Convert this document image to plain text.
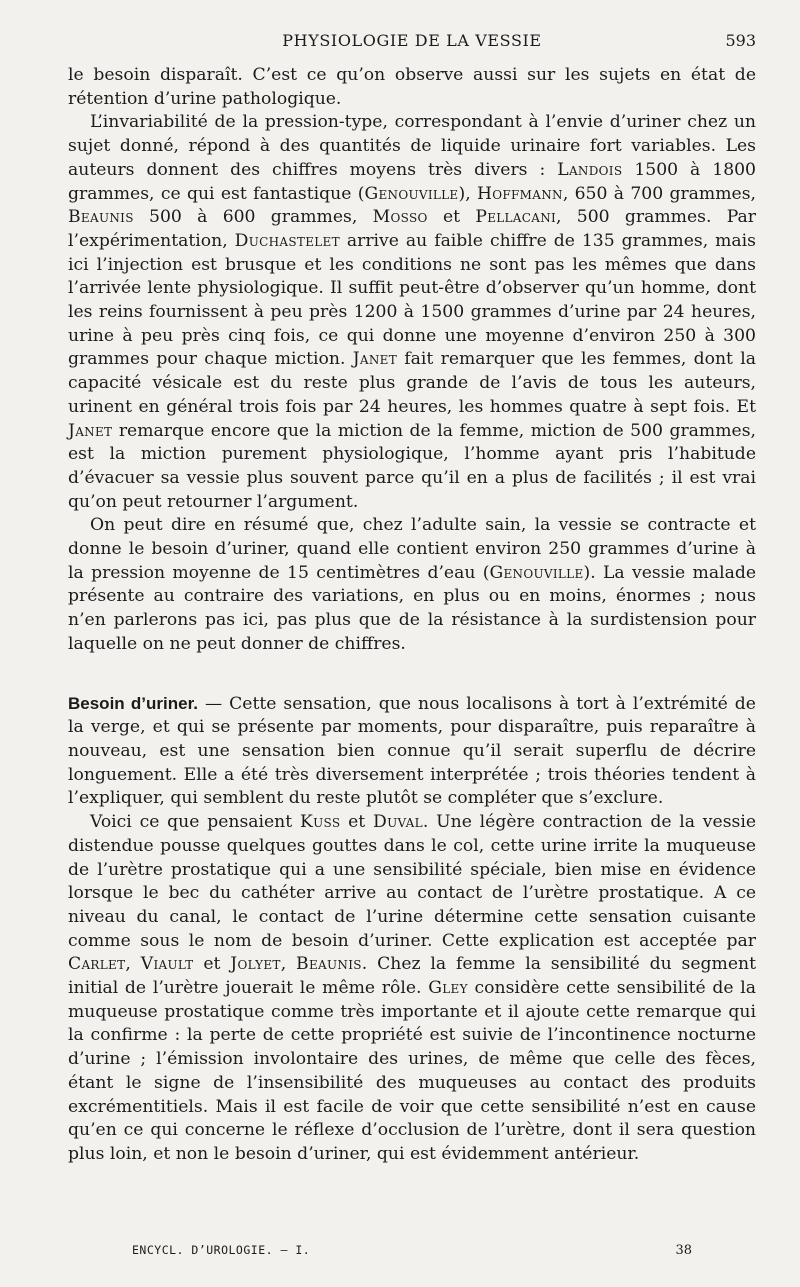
PHYSIOLOGIE DE LA VESSIE	593

le besoin disparaît. C’est ce qu’on observe aussi sur les sujets en état de rétention d’urine pathologique.

L’invariabilité de la pression-type, correspondant à l’envie d’uriner chez un sujet donné, répond à des quantités de liquide urinaire fort variables. Les auteurs donnent des chiffres moyens très divers : Landois 1500 à 1800 grammes, ce qui est fantastique (Genouville), Hoffmann, 650 à 700 grammes, Beaunis 500 à 600 grammes, Mosso et Pellacani, 500 grammes. Par l’expérimentation, Duchastelet arrive au faible chiffre de 135 grammes, mais ici l’injection est brusque et les conditions ne sont pas les mêmes que dans l’arrivée lente physiologique. Il suffit peut-être d’observer qu’un homme, dont les reins fournissent à peu près 1200 à 1500 grammes d’urine par 24 heures, urine à peu près cinq fois, ce qui donne une moyenne d’environ 250 à 300 grammes pour chaque miction. Janet fait remarquer que les femmes, dont la capacité vésicale est du reste plus grande de l’avis de tous les auteurs, urinent en général trois fois par 24 heures, les hommes quatre à sept fois. Et Janet remarque encore que la miction de la femme, miction de 500 grammes, est la miction purement physiologique, l’homme ayant pris l’habitude d’évacuer sa vessie plus souvent parce qu’il en a plus de facilités ; il est vrai qu’on peut retourner l’argument.

On peut dire en résumé que, chez l’adulte sain, la vessie se contracte et donne le besoin d’uriner, quand elle contient environ 250 grammes d’urine à la pression moyenne de 15 centimètres d’eau (Genouville). La vessie malade présente au contraire des variations, en plus ou en moins, énormes ; nous n’en parlerons pas ici, pas plus que de la résistance à la surdistension pour laquelle on ne peut donner de chiffres.

Besoin d’uriner. — Cette sensation, que nous localisons à tort à l’extrémité de la verge, et qui se présente par moments, pour disparaître, puis reparaître à nouveau, est une sensation bien connue qu’il serait superflu de décrire longuement. Elle a été très diversement interprétée ; trois théories tendent à l’expliquer, qui semblent du reste plutôt se compléter que s’exclure.

Voici ce que pensaient Kuss et Duval. Une légère contraction de la vessie distendue pousse quelques gouttes dans le col, cette urine irrite la muqueuse de l’urètre prostatique qui a une sensibilité spéciale, bien mise en évidence lorsque le bec du cathéter arrive au contact de l’urètre prostatique. A ce niveau du canal, le contact de l’urine détermine cette sensation cuisante comme sous le nom de besoin d’uriner. Cette explication est acceptée par Carlet, Viault et Jolyet, Beaunis. Chez la femme la sensibilité du segment initial de l’urètre jouerait le même rôle. Gley considère cette sensibilité de la muqueuse prostatique comme très importante et il ajoute cette remarque qui la confirme : la perte de cette propriété est suivie de l’incontinence nocturne d’urine ; l’émission involontaire des urines, de même que celle des fèces, étant le signe de l’insensibilité des muqueuses au contact des produits excrémentitiels. Mais il est facile de voir que cette sensibilité n’est en cause qu’en ce qui concerne le réflexe d’occlusion de l’urètre, dont il sera question plus loin, et non le besoin d’uriner, qui est évidemment antérieur.

ENCYCL. D’UROLOGIE. — I.	38
